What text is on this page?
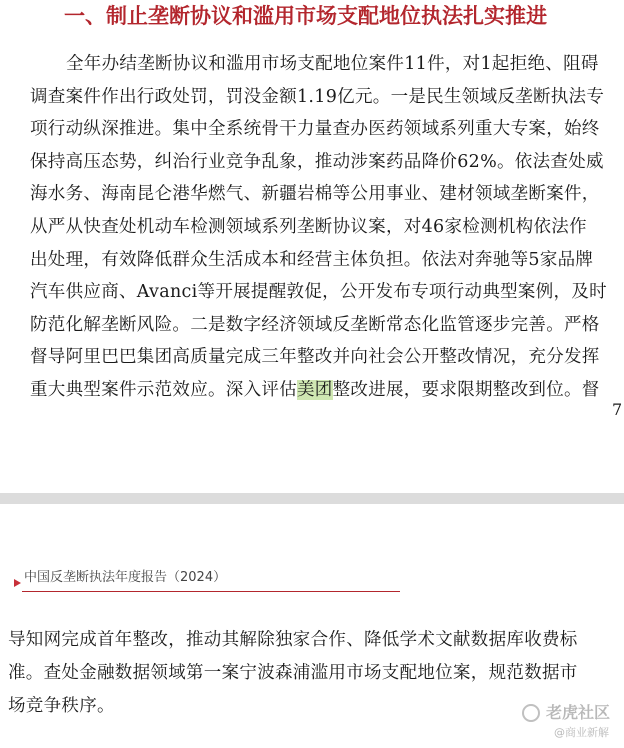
一、制止垄断协议和滥用市场支配地位执法扎实推进

全年办结垄断协议和滥用市场支配地位案件11件，对1起拒绝、阻碍
调查案件作出行政处罚，罚没金额1.19亿元。一是民生领域反垄断执法专
项行动纵深推进。集中全系统骨干力量查办医药领域系列重大专案，始终
保持高压态势，纠治行业竞争乱象，推动涉案药品降价62%。依法查处威
海水务、海南昆仑港华燃气、新疆岩棉等公用事业、建材领域垄断案件，
从严从快查处机动车检测领域系列垄断协议案，对46家检测机构依法作
出处理，有效降低群众生活成本和经营主体负担。依法对奔驰等5家品牌
汽车供应商、Avanci等开展提醒敦促，公开发布专项行动典型案例，及时
防范化解垄断风险。二是数字经济领域反垄断常态化监管逐步完善。严格
督导阿里巴巴集团高质量完成三年整改并向社会公开整改情况，充分发挥
重大典型案件示范效应。深入评估美团整改进展，要求限期整改到位。督

7
中国反垄断执法年度报告（2024）

导知网完成首年整改，推动其解除独家合作、降低学术文献数据库收费标
准。查处金融数据领域第一案宁波森浦滥用市场支配地位案，规范数据市
场竞争秩序。	老虎社区
@商业新解
